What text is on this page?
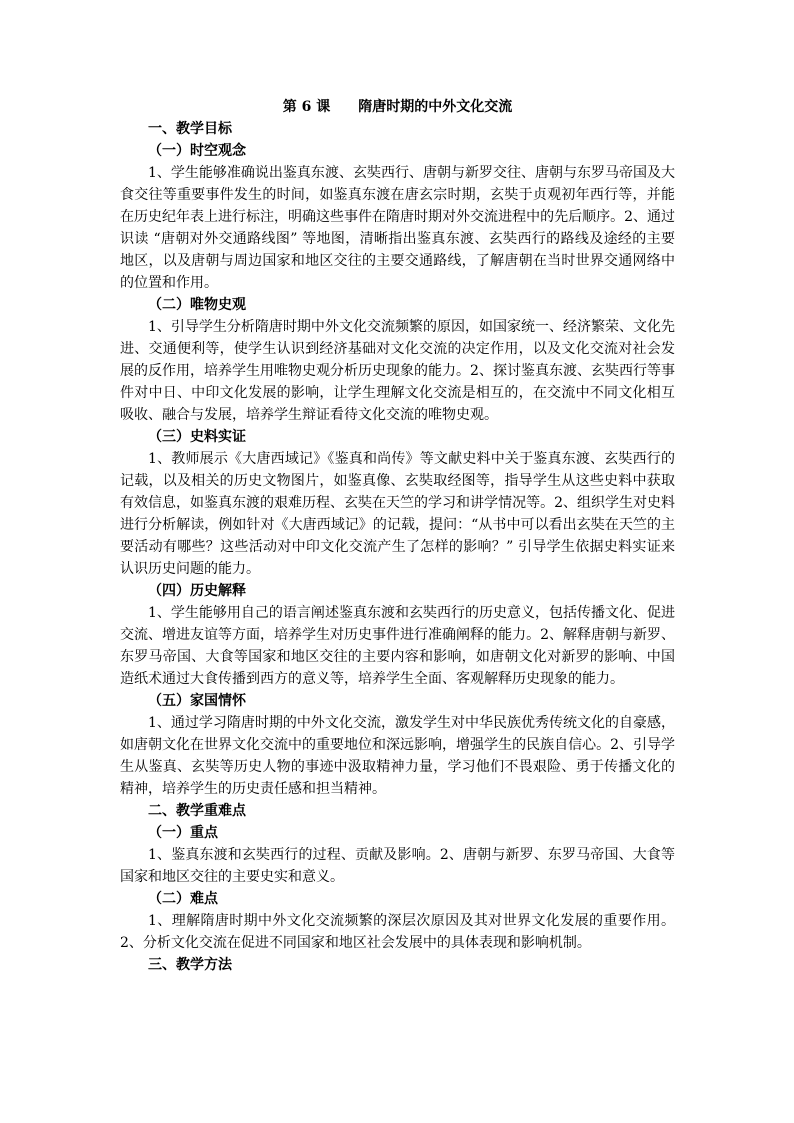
第 6 课　　隋唐时期的中外文化交流

一、教学目标

（一）时空观念

1、学生能够准确说出鉴真东渡、玄奘西行、唐朝与新罗交往、唐朝与东罗马帝国及大食交往等重要事件发生的时间，如鉴真东渡在唐玄宗时期，玄奘于贞观初年西行等，并能在历史纪年表上进行标注，明确这些事件在隋唐时期对外交流进程中的先后顺序。2、通过识读 “唐朝对外交通路线图” 等地图，清晰指出鉴真东渡、玄奘西行的路线及途经的主要地区，以及唐朝与周边国家和地区交往的主要交通路线，了解唐朝在当时世界交通网络中的位置和作用。

（二）唯物史观

1、引导学生分析隋唐时期中外文化交流频繁的原因，如国家统一、经济繁荣、文化先进、交通便利等，使学生认识到经济基础对文化交流的决定作用，以及文化交流对社会发展的反作用，培养学生用唯物史观分析历史现象的能力。2、探讨鉴真东渡、玄奘西行等事件对中日、中印文化发展的影响，让学生理解文化交流是相互的，在交流中不同文化相互吸收、融合与发展，培养学生辩证看待文化交流的唯物史观。

（三）史料实证

1、教师展示《大唐西域记》《鉴真和尚传》等文献史料中关于鉴真东渡、玄奘西行的记载，以及相关的历史文物图片，如鉴真像、玄奘取经图等，指导学生从这些史料中获取有效信息，如鉴真东渡的艰难历程、玄奘在天竺的学习和讲学情况等。2、组织学生对史料进行分析解读，例如针对《大唐西域记》的记载，提问：“从书中可以看出玄奘在天竺的主要活动有哪些？这些活动对中印文化交流产生了怎样的影响？” 引导学生依据史料实证来认识历史问题的能力。

（四）历史解释

1、学生能够用自己的语言阐述鉴真东渡和玄奘西行的历史意义，包括传播文化、促进交流、增进友谊等方面，培养学生对历史事件进行准确阐释的能力。2、解释唐朝与新罗、东罗马帝国、大食等国家和地区交往的主要内容和影响，如唐朝文化对新罗的影响、中国造纸术通过大食传播到西方的意义等，培养学生全面、客观解释历史现象的能力。

（五）家国情怀

1、通过学习隋唐时期的中外文化交流，激发学生对中华民族优秀传统文化的自豪感，如唐朝文化在世界文化交流中的重要地位和深远影响，增强学生的民族自信心。2、引导学生从鉴真、玄奘等历史人物的事迹中汲取精神力量，学习他们不畏艰险、勇于传播文化的精神，培养学生的历史责任感和担当精神。

二、教学重难点

（一）重点

1、鉴真东渡和玄奘西行的过程、贡献及影响。2、唐朝与新罗、东罗马帝国、大食等国家和地区交往的主要史实和意义。

（二）难点

1、理解隋唐时期中外文化交流频繁的深层次原因及其对世界文化发展的重要作用。2、分析文化交流在促进不同国家和地区社会发展中的具体表现和影响机制。

三、教学方法
